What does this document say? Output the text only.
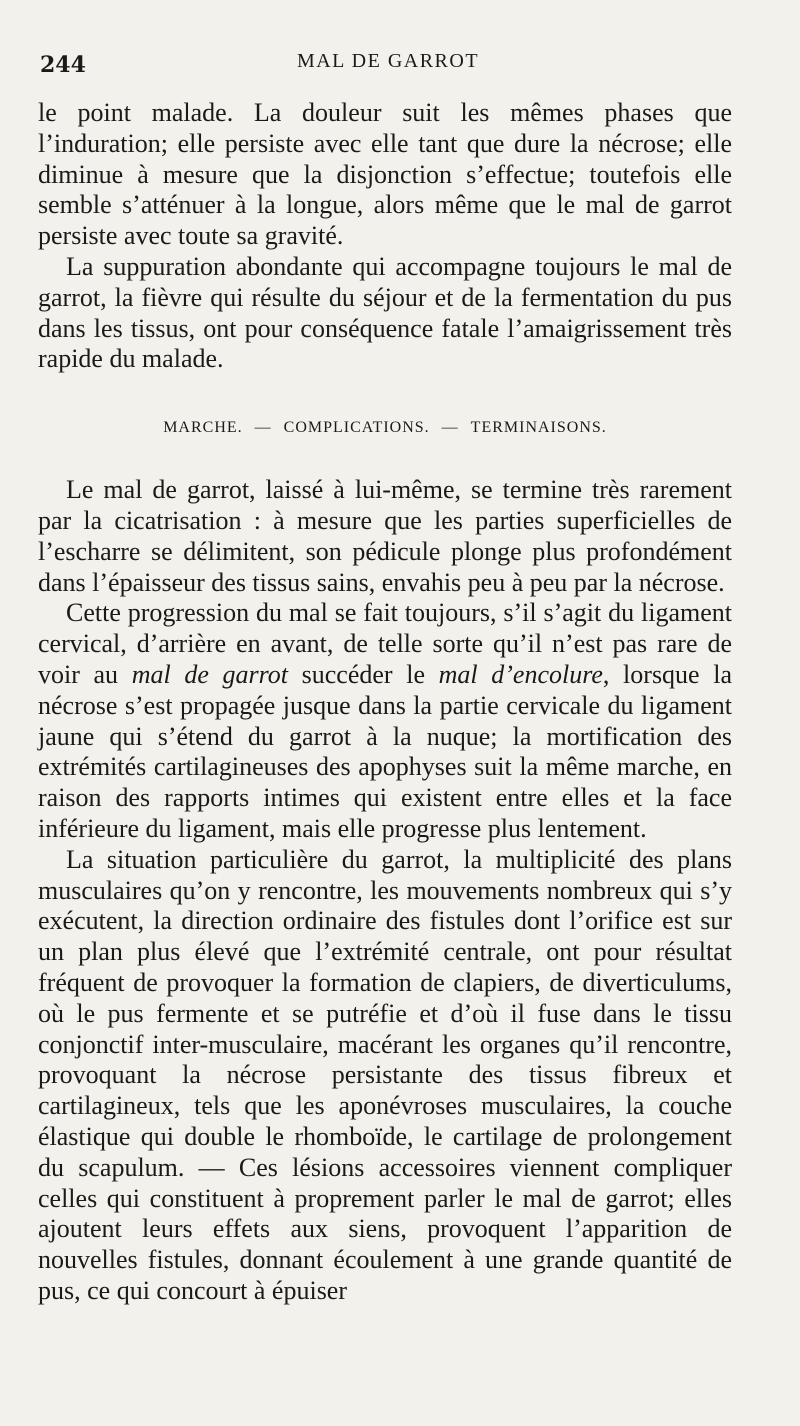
244	MAL DE GARROT

le point malade. La douleur suit les mêmes phases que l’induration; elle persiste avec elle tant que dure la nécrose; elle diminue à mesure que la disjonction s’effectue; toutefois elle semble s’atténuer à la longue, alors même que le mal de garrot persiste avec toute sa gravité.

La suppuration abondante qui accompagne toujours le mal de garrot, la fièvre qui résulte du séjour et de la fermentation du pus dans les tissus, ont pour conséquence fatale l’amaigrissement très rapide du malade.

MARCHE. — COMPLICATIONS. — TERMINAISONS.

Le mal de garrot, laissé à lui-même, se termine très rarement par la cicatrisation : à mesure que les parties superficielles de l’escharre se délimitent, son pédicule plonge plus profondément dans l’épaisseur des tissus sains, envahis peu à peu par la nécrose.

Cette progression du mal se fait toujours, s’il s’agit du ligament cervical, d’arrière en avant, de telle sorte qu’il n’est pas rare de voir au mal de garrot succéder le mal d’encolure, lorsque la nécrose s’est propagée jusque dans la partie cervicale du ligament jaune qui s’étend du garrot à la nuque; la mortification des extrémités cartilagineuses des apophyses suit la même marche, en raison des rapports intimes qui existent entre elles et la face inférieure du ligament, mais elle progresse plus lentement.

La situation particulière du garrot, la multiplicité des plans musculaires qu’on y rencontre, les mouvements nombreux qui s’y exécutent, la direction ordinaire des fistules dont l’orifice est sur un plan plus élevé que l’extrémité centrale, ont pour résultat fréquent de provoquer la formation de clapiers, de diverticulums, où le pus fermente et se putréfie et d’où il fuse dans le tissu conjonctif inter-musculaire, macérant les organes qu’il rencontre, provoquant la nécrose persistante des tissus fibreux et cartilagineux, tels que les aponévroses musculaires, la couche élastique qui double le rhomboïde, le cartilage de prolongement du scapulum. — Ces lésions accessoires viennent compliquer celles qui constituent à proprement parler le mal de garrot; elles ajoutent leurs effets aux siens, provoquent l’apparition de nouvelles fistules, donnant écoulement à une grande quantité de pus, ce qui concourt à épuiser
